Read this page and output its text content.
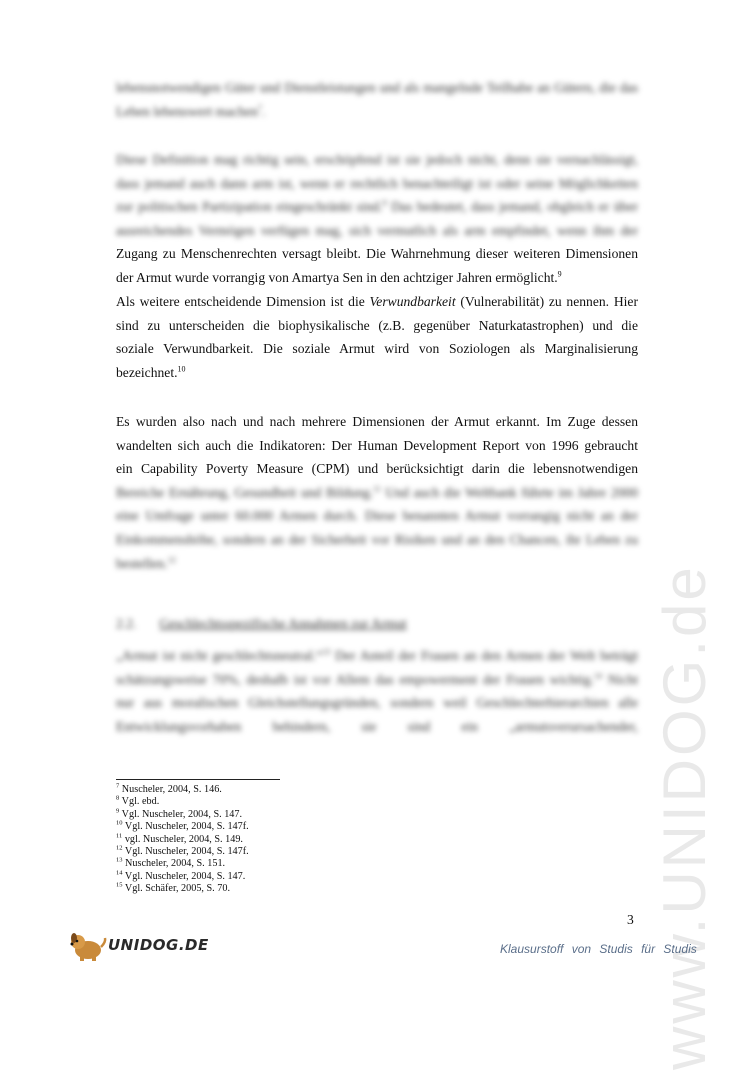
www.UNIDOG.de
lebensnotwendigen Güter und Dienstleistungen und als mangelnde Teilhabe an Gütern, die das
Leben lebenswert machen$^7$.
Diese Definition mag richtig sein, erschöpfend ist sie jedoch nicht, denn sie vernachlässigt,
dass jemand auch dann arm ist, wenn er rechtlich benachteiligt ist oder seine Möglichkeiten
zur politischen Partizipation eingeschränkt sind.$^8$ Das bedeutet, dass jemand, obgleich er über
ausreichendes Vermögen verfügen mag, sich vermutlich als arm empfindet, wenn ihm der
Zugang zu Menschenrechten versagt bleibt. Die Wahrnehmung dieser weiteren Dimensionen
der Armut wurde vorrangig von Amartya Sen in den achtziger Jahren ermöglicht.$^9$
Als weitere entscheidende Dimension ist die Verwundbarkeit (Vulnerabilität) zu nennen. Hier
sind zu unterscheiden die biophysikalische (z.B. gegenüber Naturkatastrophen) und die
soziale Verwundbarkeit. Die soziale Armut wird von Soziologen als Marginalisierung
bezeichnet.$^{10}$
Es wurden also nach und nach mehrere Dimensionen der Armut erkannt. Im Zuge dessen
wandelten sich auch die Indikatoren: Der Human Development Report von 1996 gebraucht
ein Capability Poverty Measure (CPM) und berücksichtigt darin die lebensnotwendigen
Bereiche Ernährung, Gesundheit und Bildung.$^{11}$ Und auch die Weltbank führte im Jahre 2000
eine Umfrage unter 60.000 Armen durch. Diese benannten Armut vorrangig nicht an der
Einkommenshöhe, sondern an der Sicherheit vor Risiken und an den Chancen, ihr Leben zu
bestellen.$^{12}$
2.2. Geschlechtsspezifische Annahmen zur Armut
„Armut ist nicht geschlechtsneutral.“$^{13}$ Der Anteil der Frauen an den Armen der Welt beträgt
schätzungsweise 70%, deshalb ist vor Allem das empowerment der Frauen wichtig.$^{14}$ Nicht
nur aus moralischen Gleichstellungsgründen, sondern weil Geschlechterhierarchien alle
Entwicklungsvorhaben behindern, sie sind ein „armutsverursachender,
$^7$ Nuscheler, 2004, S. 146.
$^8$ Vgl. ebd.
$^9$ Vgl. Nuscheler, 2004, S. 147.
$^{10}$ Vgl. Nuscheler, 2004, S. 147f.
$^{11}$ vgl. Nuscheler, 2004, S. 149.
$^{12}$ Vgl. Nuscheler, 2004, S. 147f.
$^{13}$ Nuscheler, 2004, S. 151.
$^{14}$ Vgl. Nuscheler, 2004, S. 147.
$^{15}$ Vgl. Schäfer, 2005, S. 70.
3
UNIDOG.DE	Klausurstoff von Studis für Studis
